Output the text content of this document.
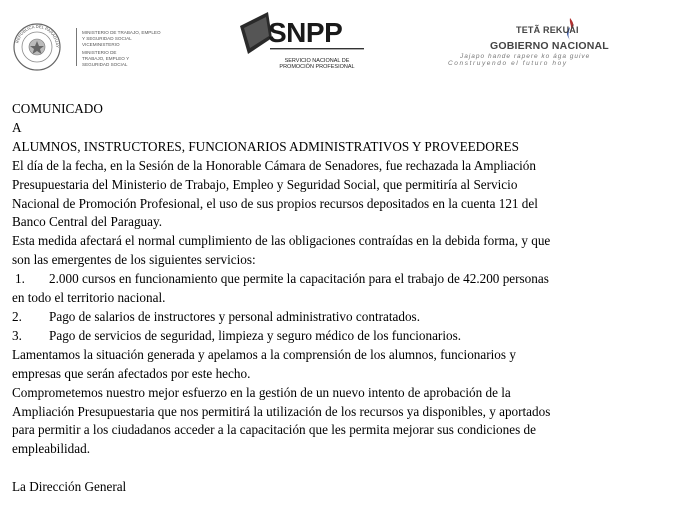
REPÚBLICA DEL PARAGUAY
MINISTERIO DE TRABAJO, EMPLEO
Y SEGURIDAD SOCIAL
VICEMINISTERIO
MINISTERIO DE
TRABAJO, EMPLEO Y
SEGURIDAD SOCIAL
SNPP
SERVICIO NACIONAL DE
PROMOCIÓN PROFESIONAL
TETÃ REKUÁI
GOBIERNO NACIONAL
Jajapo hande rapere ko ága guive
Construyendo el futuro hoy

COMUNICADO

A

ALUMNOS, INSTRUCTORES, FUNCIONARIOS ADMINISTRATIVOS Y PROVEEDORES

El día de la fecha, en la Sesión de la Honorable Cámara de Senadores, fue rechazada la Ampliación

Presupuestaria del Ministerio de Trabajo, Empleo y Seguridad Social, que permitiría al Servicio

Nacional de Promoción Profesional, el uso de sus propios recursos depositados en la cuenta 121 del

Banco Central del Paraguay.

Esta medida afectará el normal cumplimiento de las obligaciones contraídas en la debida forma, y que

son las emergentes de los siguientes servicios:

1.	2.000 cursos en funcionamiento que permite la capacitación para el trabajo de 42.200 personas

en todo el territorio nacional.

2.	Pago de salarios de instructores y personal administrativo contratados.
3.	Pago de servicios de seguridad, limpieza y seguro médico de los funcionarios.

Lamentamos la situación generada y apelamos a la comprensión de los alumnos, funcionarios y

empresas que serán afectados por este hecho.

Comprometemos nuestro mejor esfuerzo en la gestión de un nuevo intento de aprobación de la

Ampliación Presupuestaria que nos permitirá la utilización de los recursos ya disponibles, y aportados

para permitir a los ciudadanos acceder a la capacitación que les permita mejorar sus condiciones de

empleabilidad.

La Dirección General
